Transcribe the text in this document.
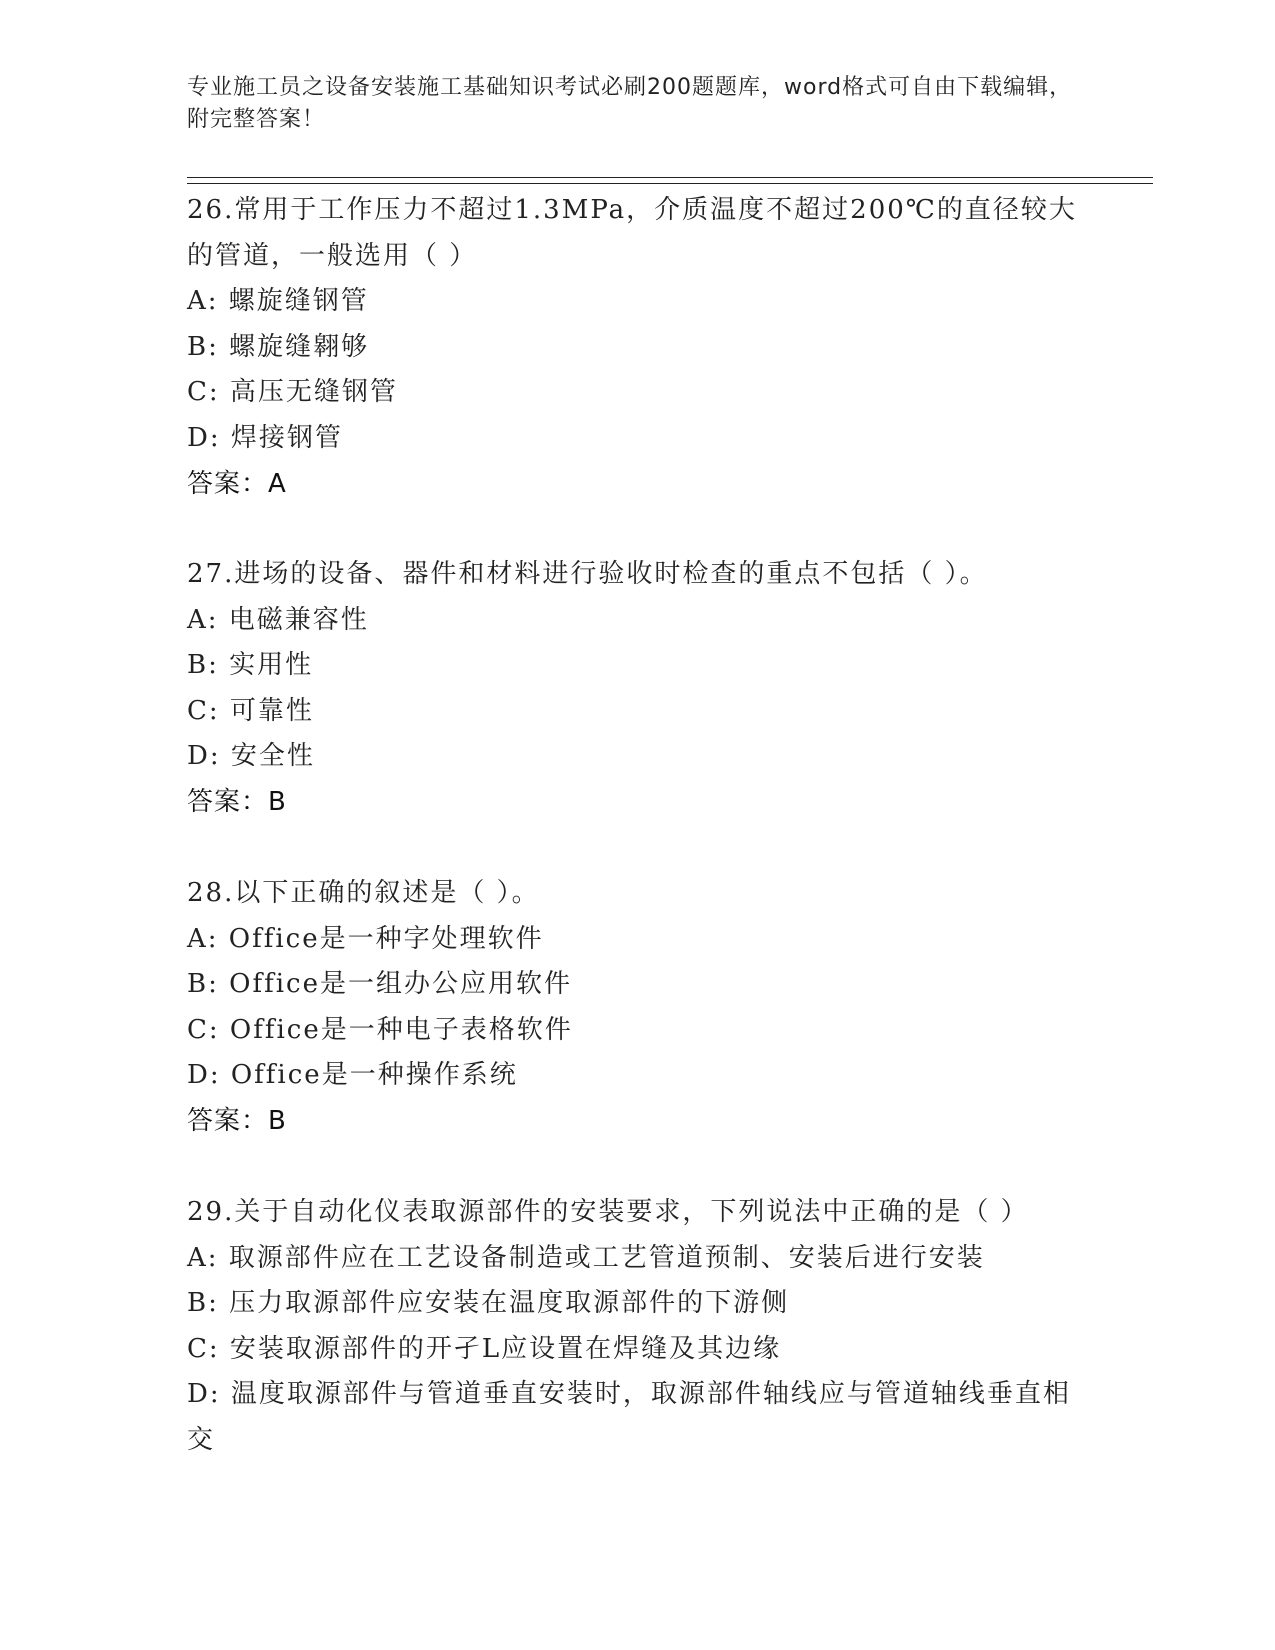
专业施工员之设备安装施工基础知识考试必刷200题题库，word格式可自由下载编辑，附完整答案！
26.常用于工作压力不超过1.3MPa，介质温度不超过200℃的直径较大的管道，一般选用（ ）
A: 螺旋缝钢管
B: 螺旋缝翱够
C: 高压无缝钢管
D: 焊接钢管
答案：A
27.进场的设备、器件和材料进行验收时检查的重点不包括（ ）。
A: 电磁兼容性
B: 实用性
C: 可靠性
D: 安全性
答案：B
28.以下正确的叙述是（ ）。
A: Office是一种字处理软件
B: Office是一组办公应用软件
C: Office是一种电子表格软件
D: Office是一种操作系统
答案：B
29.关于自动化仪表取源部件的安装要求，下列说法中正确的是（ ）
A: 取源部件应在工艺设备制造或工艺管道预制、安装后进行安装
B: 压力取源部件应安装在温度取源部件的下游侧
C: 安装取源部件的开孑L应设置在焊缝及其边缘
D: 温度取源部件与管道垂直安装时，取源部件轴线应与管道轴线垂直相交
